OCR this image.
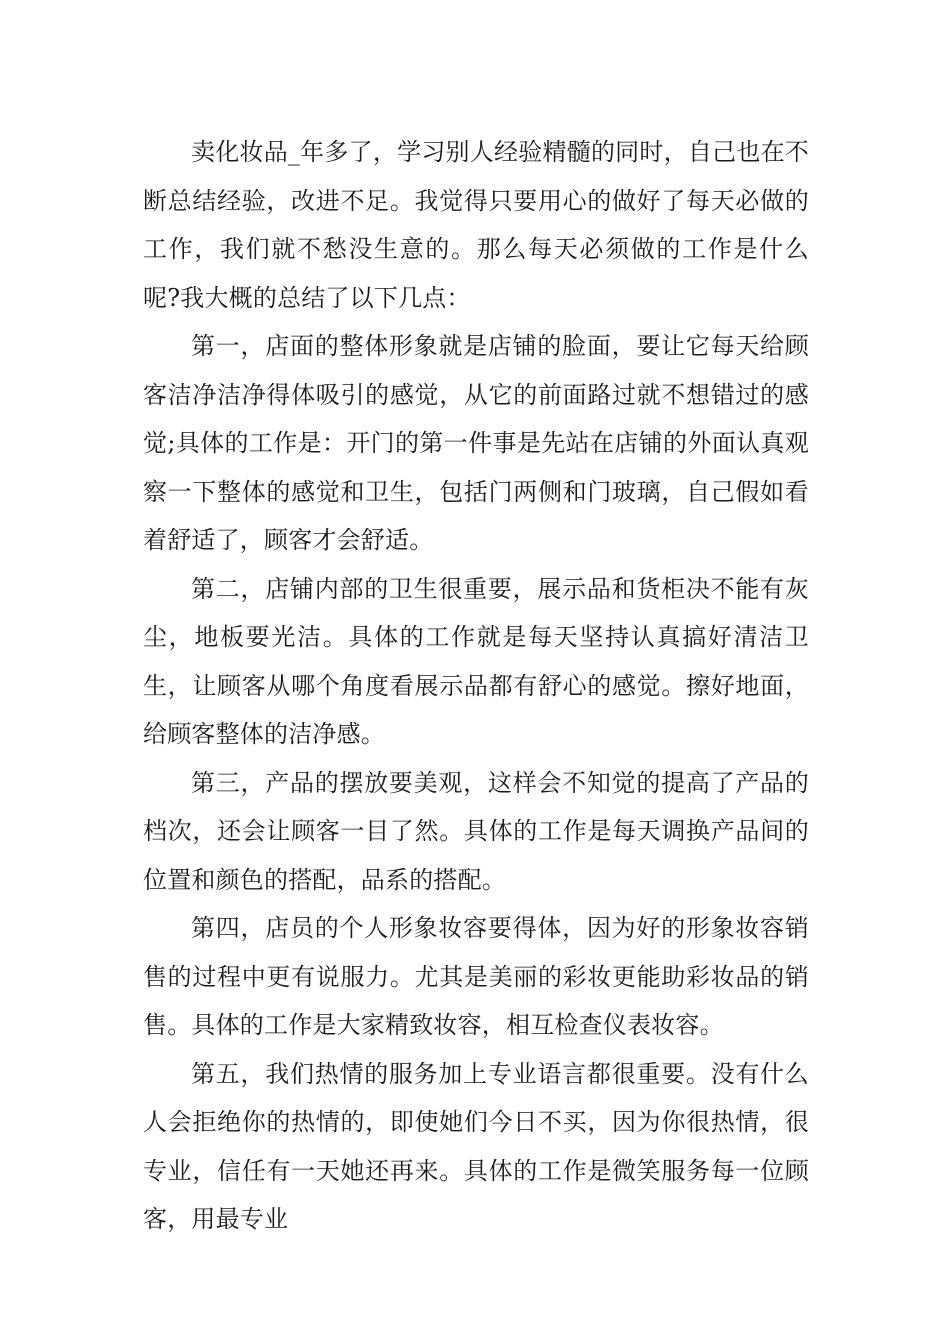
卖化妆品_年多了，学习别人经验精髓的同时，自己也在不断总结经验，改进不足。我觉得只要用心的做好了每天必做的工作，我们就不愁没生意的。那么每天必须做的工作是什么呢?我大概的总结了以下几点：

第一，店面的整体形象就是店铺的脸面，要让它每天给顾客洁净洁净得体吸引的感觉，从它的前面路过就不想错过的感觉;具体的工作是：开门的第一件事是先站在店铺的外面认真观察一下整体的感觉和卫生，包括门两侧和门玻璃，自己假如看着舒适了，顾客才会舒适。

第二，店铺内部的卫生很重要，展示品和货柜决不能有灰尘，地板要光洁。具体的工作就是每天坚持认真搞好清洁卫生，让顾客从哪个角度看展示品都有舒心的感觉。擦好地面，给顾客整体的洁净感。

第三，产品的摆放要美观，这样会不知觉的提高了产品的档次，还会让顾客一目了然。具体的工作是每天调换产品间的位置和颜色的搭配，品系的搭配。

第四，店员的个人形象妆容要得体，因为好的形象妆容销售的过程中更有说服力。尤其是美丽的彩妆更能助彩妆品的销售。具体的工作是大家精致妆容，相互检查仪表妆容。

第五，我们热情的服务加上专业语言都很重要。没有什么人会拒绝你的热情的，即使她们今日不买，因为你很热情，很专业，信任有一天她还再来。具体的工作是微笑服务每一位顾客，用最专业
